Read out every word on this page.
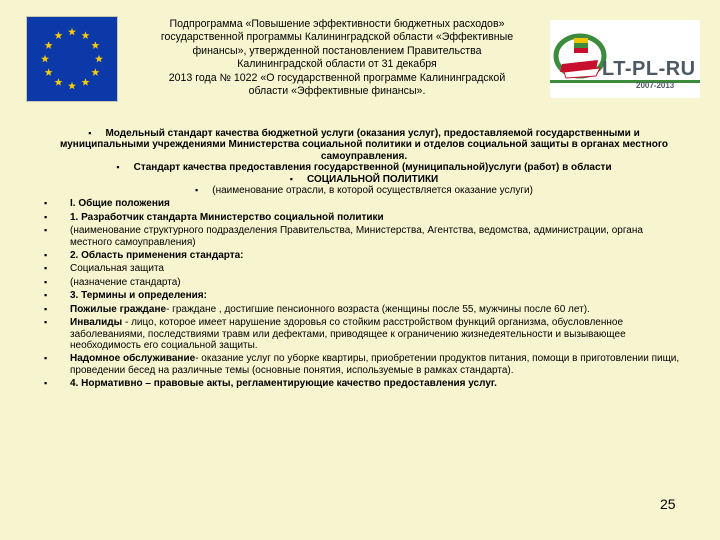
Подпрограмма «Повышение эффективности бюджетных расходов»
государственной программы Калининградской области «Эффективные
финансы», утвержденной постановлением Правительства
Калининградской области от 31 декабря
2013 года № 1022 «О государственной программе Калининградской
области «Эффективные финансы».
LT-PL-RU
2007-2013

▪ Модельный стандарт качества бюджетной услуги (оказания услуг), предоставляемой государственными и муниципальными учреждениями Министерства социальной политики и отделов социальной защиты в органах местного самоуправления.

▪ Стандарт качества предоставления государственной (муниципальной)услуги (работ) в области

▪ СОЦИАЛЬНОЙ ПОЛИТИКИ

▪ (наименование отрасли, в которой осуществляется оказание услуги)

▪ I. Общие положения
▪ 1. Разработчик стандарта Министерство социальной политики
▪ (наименование структурного подразделения Правительства, Министерства, Агентства, ведомства, администрации, органа местного самоуправления)
▪ 2. Область применения стандарта:
▪ Социальная защита
▪ (назначение стандарта)
▪ 3. Термины и определения:
▪ Пожилые граждане- граждане , достигшие пенсионного возраста (женщины после 55, мужчины после 60 лет).
▪ Инвалиды - лицо, которое имеет нарушение здоровья со стойким расстройством функций организма, обусловленное заболеваниями, последствиями травм или дефектами, приводящее к ограничению жизнедеятельности и вызывающее необходимость его социальной защиты.
▪ Надомное обслуживание- оказание услуг по уборке квартиры, приобретении продуктов питания, помощи в приготовлении пищи, проведении бесед на различные темы (основные понятия, используемые в рамках стандарта).
▪ 4. Нормативно – правовые акты, регламентирующие качество предоставления услуг.
25
